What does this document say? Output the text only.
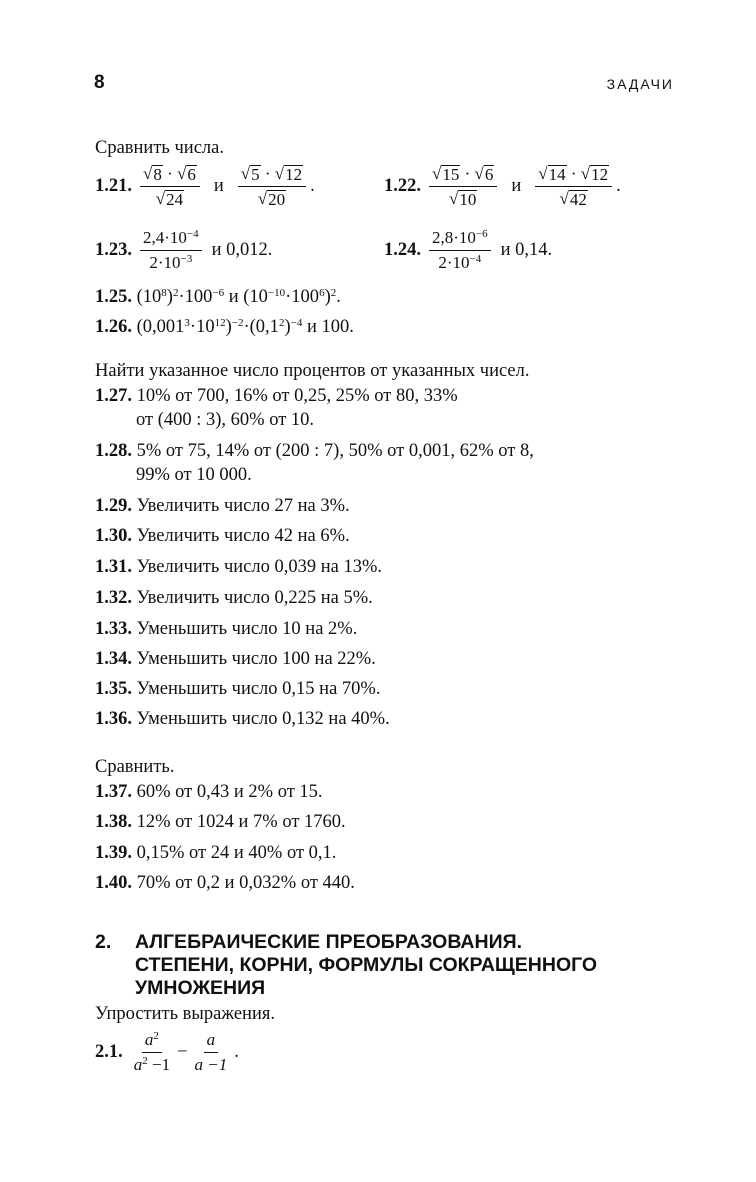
8	ЗАДАЧИ
Сравнить числа.
1.21. $\frac{√ 8 \cdot √ 6}{√ 24}$ и $\frac{√ 5 \cdot √ 12}{√ 20}$ .	1.22. $\frac{√ 15 \cdot √ 6}{√ 10}$ и $\frac{√ 14 \cdot √ 12}{√ 42}$ .
1.23. $\frac{2,4\cdot 10^{-4}}{2\cdot 10^{-3}}$ и 0,012.	1.24. $\frac{2,8\cdot 10^{-6}}{2\cdot 10^{-4}}$ и 0,14.
1.25. $(10^8)^2\cdot 100^{-6}$ и $(10^{-10}\cdot 100^6)^2$.
1.26. $(0,001^3\cdot 10^{12})^{-2}\cdot(0,1^2)^{-4}$ и 100.
Найти указанное число процентов от указанных чисел.
1.27. 10% от 700, 16% от 0,25, 25% от 80, 33%
от (400 : 3), 60% от 10.
1.28. 5% от 75, 14% от (200 : 7), 50% от 0,001, 62% от 8,
99% от 10 000.
1.29. Увеличить число 27 на 3%.
1.30. Увеличить число 42 на 6%.
1.31. Увеличить число 0,039 на 13%.
1.32. Увеличить число 0,225 на 5%.
1.33. Уменьшить число 10 на 2%.
1.34. Уменьшить число 100 на 22%.
1.35. Уменьшить число 0,15 на 70%.
1.36. Уменьшить число 0,132 на 40%.
Сравнить.
1.37. 60% от 0,43 и 2% от 15.
1.38. 12% от 1024 и 7% от 1760.
1.39. 0,15% от 24 и 40% от 0,1.
1.40. 70% от 0,2 и 0,032% от 440.
2. АЛГЕБРАИЧЕСКИЕ ПРЕОБРАЗОВАНИЯ.
СТЕПЕНИ, КОРНИ, ФОРМУЛЫ СОКРАЩЕННОГО
УМНОЖЕНИЯ
Упростить выражения.
2.1. $\frac{a^2}{a^2 -1} - \frac{a}{a -1}$ .
